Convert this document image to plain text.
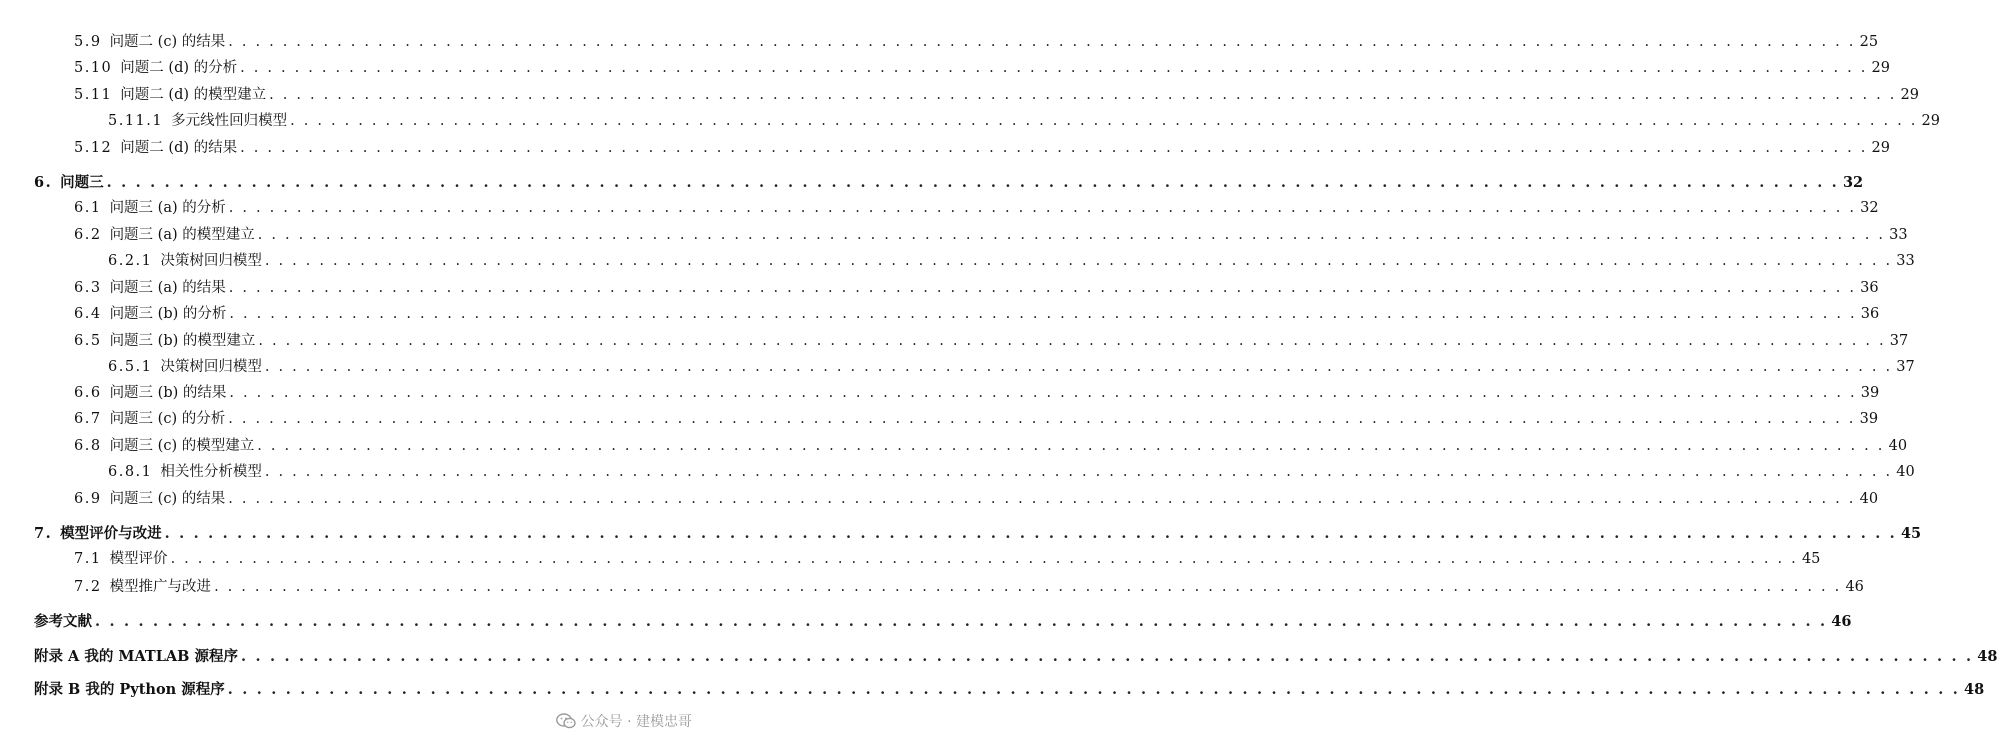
5.9 问题二 (c) 的结果 . . . . . . . . . . . . . . . . . . . . . . . . . . . . . . . . . . . . . . . . . . . . . . . . . . . . . . . . . . . . . . . . . . . . . . . . . . . . . . . . . . . . . . . . . . . . . . . . . . . . . . . . . . . . . . . . . . . . . . . . 25
5.10 问题二 (d) 的分析 . . . . . . . . . . . . . . . . . . . . . . . . . . . . . . . . . . . . . . . . . . . . . . . . . . . . . . . . . . . . . . . . . . . . . . . . . . . . . . . . . . . . . . . . . . . . . . . . . . . . . . . . . . . . . . . . . . . . . . . . 29
5.11 问题二 (d) 的模型建立 . . . . . . . . . . . . . . . . . . . . . . . . . . . . . . . . . . . . . . . . . . . . . . . . . . . . . . . . . . . . . . . . . . . . . . . . . . . . . . . . . . . . . . . . . . . . . . . . . . . . . . . . . . . . . . . . . . . . . . . . 29
5.11.1 多元线性回归模型 . . . . . . . . . . . . . . . . . . . . . . . . . . . . . . . . . . . . . . . . . . . . . . . . . . . . . . . . . . . . . . . . . . . . . . . . . . . . . . . . . . . . . . . . . . . . . . . . . . . . . . . . . . . . . . . . . . . . . . . . 29
5.12 问题二 (d) 的结果 . . . . . . . . . . . . . . . . . . . . . . . . . . . . . . . . . . . . . . . . . . . . . . . . . . . . . . . . . . . . . . . . . . . . . . . . . . . . . . . . . . . . . . . . . . . . . . . . . . . . . . . . . . . . . . . . . . . . . . . . 29
6. 问题三 . . . . . . . . . . . . . . . . . . . . . . . . . . . . . . . . . . . . . . . . . . . . . . . . . . . . . . . . . . . . . . . . . . . . . . . . . . . . . . . . . . . . . . . . . . . . . . . . . . . . . . . . . . . . . . . . . . . . . . . . 32
6.1 问题三 (a) 的分析 . . . . . . . . . . . . . . . . . . . . . . . . . . . . . . . . . . . . . . . . . . . . . . . . . . . . . . . . . . . . . . . . . . . . . . . . . . . . . . . . . . . . . . . . . . . . . . . . . . . . . . . . . . . . . . . . . . . . . . . . 32
6.2 问题三 (a) 的模型建立 . . . . . . . . . . . . . . . . . . . . . . . . . . . . . . . . . . . . . . . . . . . . . . . . . . . . . . . . . . . . . . . . . . . . . . . . . . . . . . . . . . . . . . . . . . . . . . . . . . . . . . . . . . . . . . . . . . . . . . . . 33
6.2.1 决策树回归模型 . . . . . . . . . . . . . . . . . . . . . . . . . . . . . . . . . . . . . . . . . . . . . . . . . . . . . . . . . . . . . . . . . . . . . . . . . . . . . . . . . . . . . . . . . . . . . . . . . . . . . . . . . . . . . . . . . . . . . . . . 33
6.3 问题三 (a) 的结果 . . . . . . . . . . . . . . . . . . . . . . . . . . . . . . . . . . . . . . . . . . . . . . . . . . . . . . . . . . . . . . . . . . . . . . . . . . . . . . . . . . . . . . . . . . . . . . . . . . . . . . . . . . . . . . . . . . . . . . . . 36
6.4 问题三 (b) 的分析 . . . . . . . . . . . . . . . . . . . . . . . . . . . . . . . . . . . . . . . . . . . . . . . . . . . . . . . . . . . . . . . . . . . . . . . . . . . . . . . . . . . . . . . . . . . . . . . . . . . . . . . . . . . . . . . . . . . . . . . . 36
6.5 问题三 (b) 的模型建立 . . . . . . . . . . . . . . . . . . . . . . . . . . . . . . . . . . . . . . . . . . . . . . . . . . . . . . . . . . . . . . . . . . . . . . . . . . . . . . . . . . . . . . . . . . . . . . . . . . . . . . . . . . . . . . . . . . . . . . . . 37
6.5.1 决策树回归模型 . . . . . . . . . . . . . . . . . . . . . . . . . . . . . . . . . . . . . . . . . . . . . . . . . . . . . . . . . . . . . . . . . . . . . . . . . . . . . . . . . . . . . . . . . . . . . . . . . . . . . . . . . . . . . . . . . . . . . . . . 37
6.6 问题三 (b) 的结果 . . . . . . . . . . . . . . . . . . . . . . . . . . . . . . . . . . . . . . . . . . . . . . . . . . . . . . . . . . . . . . . . . . . . . . . . . . . . . . . . . . . . . . . . . . . . . . . . . . . . . . . . . . . . . . . . . . . . . . . . 39
6.7 问题三 (c) 的分析 . . . . . . . . . . . . . . . . . . . . . . . . . . . . . . . . . . . . . . . . . . . . . . . . . . . . . . . . . . . . . . . . . . . . . . . . . . . . . . . . . . . . . . . . . . . . . . . . . . . . . . . . . . . . . . . . . . . . . . . . 39
6.8 问题三 (c) 的模型建立 . . . . . . . . . . . . . . . . . . . . . . . . . . . . . . . . . . . . . . . . . . . . . . . . . . . . . . . . . . . . . . . . . . . . . . . . . . . . . . . . . . . . . . . . . . . . . . . . . . . . . . . . . . . . . . . . . . . . . . . . 40
6.8.1 相关性分析模型 . . . . . . . . . . . . . . . . . . . . . . . . . . . . . . . . . . . . . . . . . . . . . . . . . . . . . . . . . . . . . . . . . . . . . . . . . . . . . . . . . . . . . . . . . . . . . . . . . . . . . . . . . . . . . . . . . . . . . . . . 40
6.9 问题三 (c) 的结果 . . . . . . . . . . . . . . . . . . . . . . . . . . . . . . . . . . . . . . . . . . . . . . . . . . . . . . . . . . . . . . . . . . . . . . . . . . . . . . . . . . . . . . . . . . . . . . . . . . . . . . . . . . . . . . . . . . . . . . . . 40
7. 模型评价与改进 . . . . . . . . . . . . . . . . . . . . . . . . . . . . . . . . . . . . . . . . . . . . . . . . . . . . . . . . . . . . . . . . . . . . . . . . . . . . . . . . . . . . . . . . . . . . . . . . . . . . . . . . . . . . . . . . . . . . . . . . 45
7.1 模型评价 . . . . . . . . . . . . . . . . . . . . . . . . . . . . . . . . . . . . . . . . . . . . . . . . . . . . . . . . . . . . . . . . . . . . . . . . . . . . . . . . . . . . . . . . . . . . . . . . . . . . . . . . . . . . . . . . . . . . . . . . 45
7.2 模型推广与改进 . . . . . . . . . . . . . . . . . . . . . . . . . . . . . . . . . . . . . . . . . . . . . . . . . . . . . . . . . . . . . . . . . . . . . . . . . . . . . . . . . . . . . . . . . . . . . . . . . . . . . . . . . . . . . . . . . . . . . . . . 46
参考文献 . . . . . . . . . . . . . . . . . . . . . . . . . . . . . . . . . . . . . . . . . . . . . . . . . . . . . . . . . . . . . . . . . . . . . . . . . . . . . . . . . . . . . . . . . . . . . . . . . . . . . . . . . . . . . . . . . . . . . . . . 46
附录 A 我的 MATLAB 源程序 . . . . . . . . . . . . . . . . . . . . . . . . . . . . . . . . . . . . . . . . . . . . . . . . . . . . . . . . . . . . . . . . . . . . . . . . . . . . . . . . . . . . . . . . . . . . . . . . . . . . . . . . . . . . . . . . . . . . . . . . 48
附录 B 我的 Python 源程序 . . . . . . . . . . . . . . . . . . . . . . . . . . . . . . . . . . . . . . . . . . . . . . . . . . . . . . . . . . . . . . . . . . . . . . . . . . . . . . . . . . . . . . . . . . . . . . . . . . . . . . . . . . . . . . . . . . . . . . . . 48
公众号 · 建模忠哥
